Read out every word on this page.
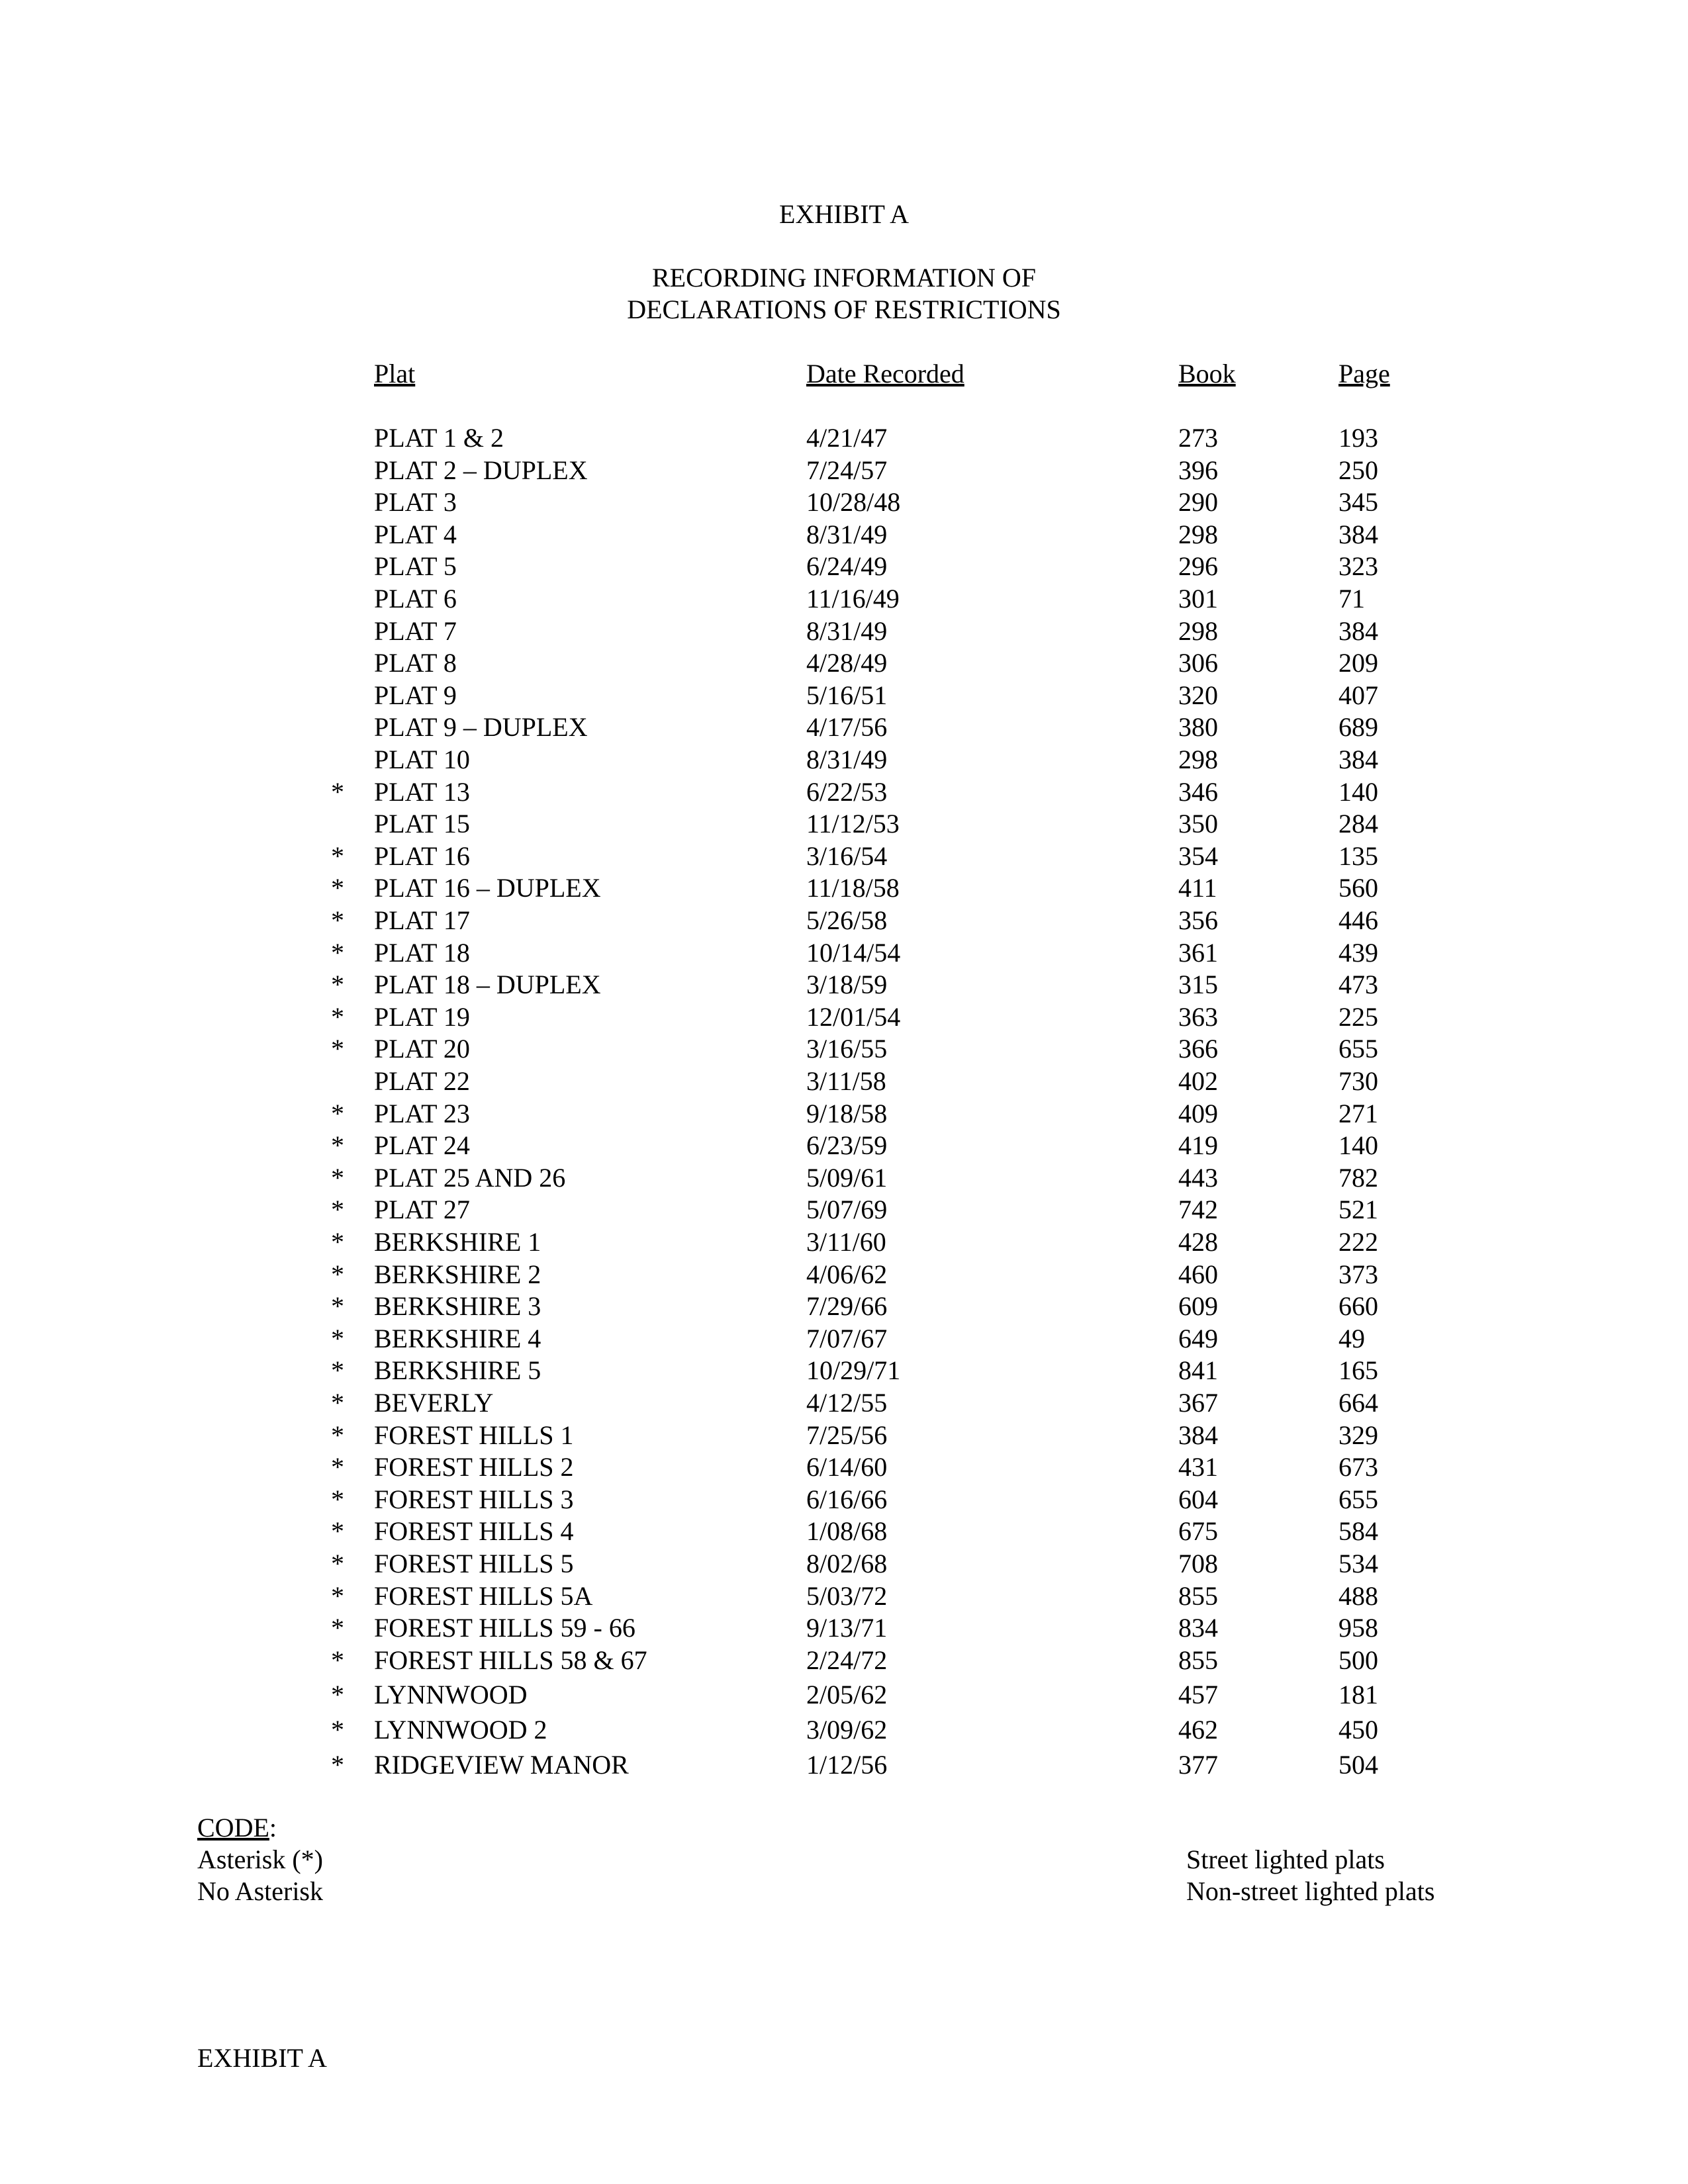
EXHIBIT A
RECORDING INFORMATION OF
DECLARATIONS OF RESTRICTIONS
Plat	Date Recorded	Book	Page
PLAT 1 & 2	4/21/47	273	193
PLAT 2 – DUPLEX	7/24/57	396	250
PLAT 3	10/28/48	290	345
PLAT 4	8/31/49	298	384
PLAT 5	6/24/49	296	323
PLAT 6	11/16/49	301	71
PLAT 7	8/31/49	298	384
PLAT 8	4/28/49	306	209
PLAT 9	5/16/51	320	407
PLAT 9 – DUPLEX	4/17/56	380	689
PLAT 10	8/31/49	298	384
* PLAT 13	6/22/53	346	140
PLAT 15	11/12/53	350	284
* PLAT 16	3/16/54	354	135
* PLAT 16 – DUPLEX	11/18/58	411	560
* PLAT 17	5/26/58	356	446
* PLAT 18	10/14/54	361	439
* PLAT 18 – DUPLEX	3/18/59	315	473
* PLAT 19	12/01/54	363	225
* PLAT 20	3/16/55	366	655
PLAT 22	3/11/58	402	730
* PLAT 23	9/18/58	409	271
* PLAT 24	6/23/59	419	140
* PLAT 25 AND 26	5/09/61	443	782
* PLAT 27	5/07/69	742	521
* BERKSHIRE 1	3/11/60	428	222
* BERKSHIRE 2	4/06/62	460	373
* BERKSHIRE 3	7/29/66	609	660
* BERKSHIRE 4	7/07/67	649	49
* BERKSHIRE 5	10/29/71	841	165
* BEVERLY	4/12/55	367	664
* FOREST HILLS 1	7/25/56	384	329
* FOREST HILLS 2	6/14/60	431	673
* FOREST HILLS 3	6/16/66	604	655
* FOREST HILLS 4	1/08/68	675	584
* FOREST HILLS 5	8/02/68	708	534
* FOREST HILLS 5A	5/03/72	855	488
* FOREST HILLS 59 - 66	9/13/71	834	958
* FOREST HILLS 58 & 67	2/24/72	855	500
* LYNNWOOD	2/05/62	457	181
* LYNNWOOD 2	3/09/62	462	450
* RIDGEVIEW MANOR	1/12/56	377	504
CODE:
Asterisk (*)	Street lighted plats
No Asterisk	Non-street lighted plats
EXHIBIT A
